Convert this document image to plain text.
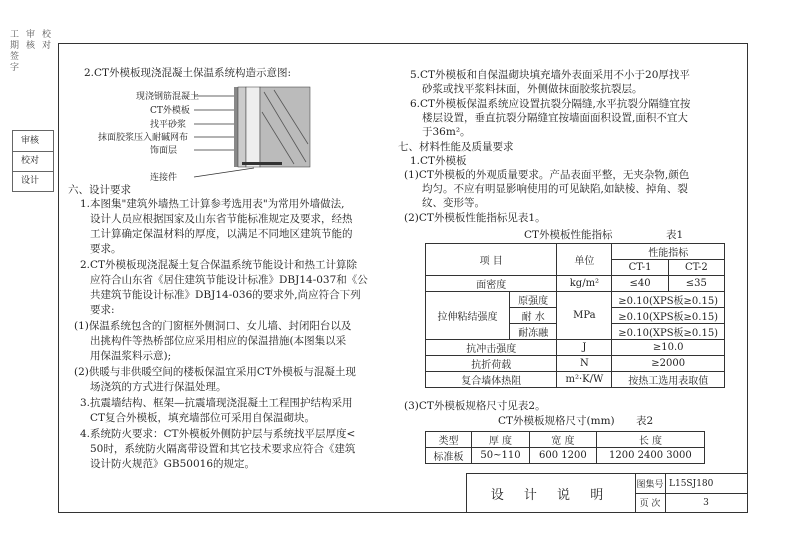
工期签字
审核
校对
审核
校对
设计
2.CT外模板现浇混凝土保温系统构造示意图:
现浇钢筋混凝土
CT外模板
找平砂浆
抹面胶浆压入耐碱网布
饰面层
连接件
六、设计要求
1.本图集"建筑外墙热工计算参考选用表"为常用外墙做法,
设计人员应根据国家及山东省节能标准规定及要求，经热
工计算确定保温材料的厚度，以满足不同地区建筑节能的
要求。
2.CT外模板现浇混凝土复合保温系统节能设计和热工计算除
应符合山东省《居住建筑节能设计标准》DBJ14-037和《公
共建筑节能设计标准》DBJ14-036的要求外,尚应符合下列
要求:
(1)保温系统包含的门窗框外侧洞口、女儿墙、封闭阳台以及
出挑构件等热桥部位应采用相应的保温措施(本图集以采
用保温浆料示意);
(2)供暖与非供暖空间的楼板保温宜采用CT外模板与混凝土现
场浇筑的方式进行保温处理。
3.抗震墙结构、框架—抗震墙现浇混凝土工程围护结构采用
CT复合外模板，填充墙部位可采用自保温砌块。
4.系统防火要求：CT外模板外侧防护层与系统找平层厚度<
50时，系统防火隔离带设置和其它技术要求应符合《建筑
设计防火规范》GB50016的规定。
5.CT外模板和自保温砌块填充墙外表面采用不小于20厚找平
砂浆或找平浆料抹面，外侧做抹面胶浆抗裂层。
6.CT外模板保温系统应设置抗裂分隔缝,水平抗裂分隔缝宜按
楼层设置，垂直抗裂分隔缝宜按墙面面积设置,面积不宜大
于36m²。
七、材料性能及质量要求
1.CT外模板
(1)CT外模板的外观质量要求。产品表面平整，无夹杂物,颜色
均匀。不应有明显影响使用的可见缺陷,如缺棱、掉角、裂
纹、变形等。
(2)CT外模板性能指标见表1。
CT外模板性能指标	表1
项 目		单位	性能指标	
			CT-1	CT-2
面密度		kg/m²	≤40	≤35
拉伸粘结强度	原强度	MPa	≥0.10(XPS板≥0.15)	
	耐 水		≥0.10(XPS板≥0.15)	
	耐冻融		≥0.10(XPS板≥0.15)	
抗冲击强度		J	≥10.0	
抗折荷载		N	≥2000	
复合墙体热阻		m²·K/W	按热工选用表取值	
(3)CT外模板规格尺寸见表2。
CT外模板规格尺寸(mm) 表2
类型	厚 度	宽 度	长 度
标准板	50~110	600 1200	1200 2400 3000
设 计 说 明
图集号 L15SJ180
页 次	3
